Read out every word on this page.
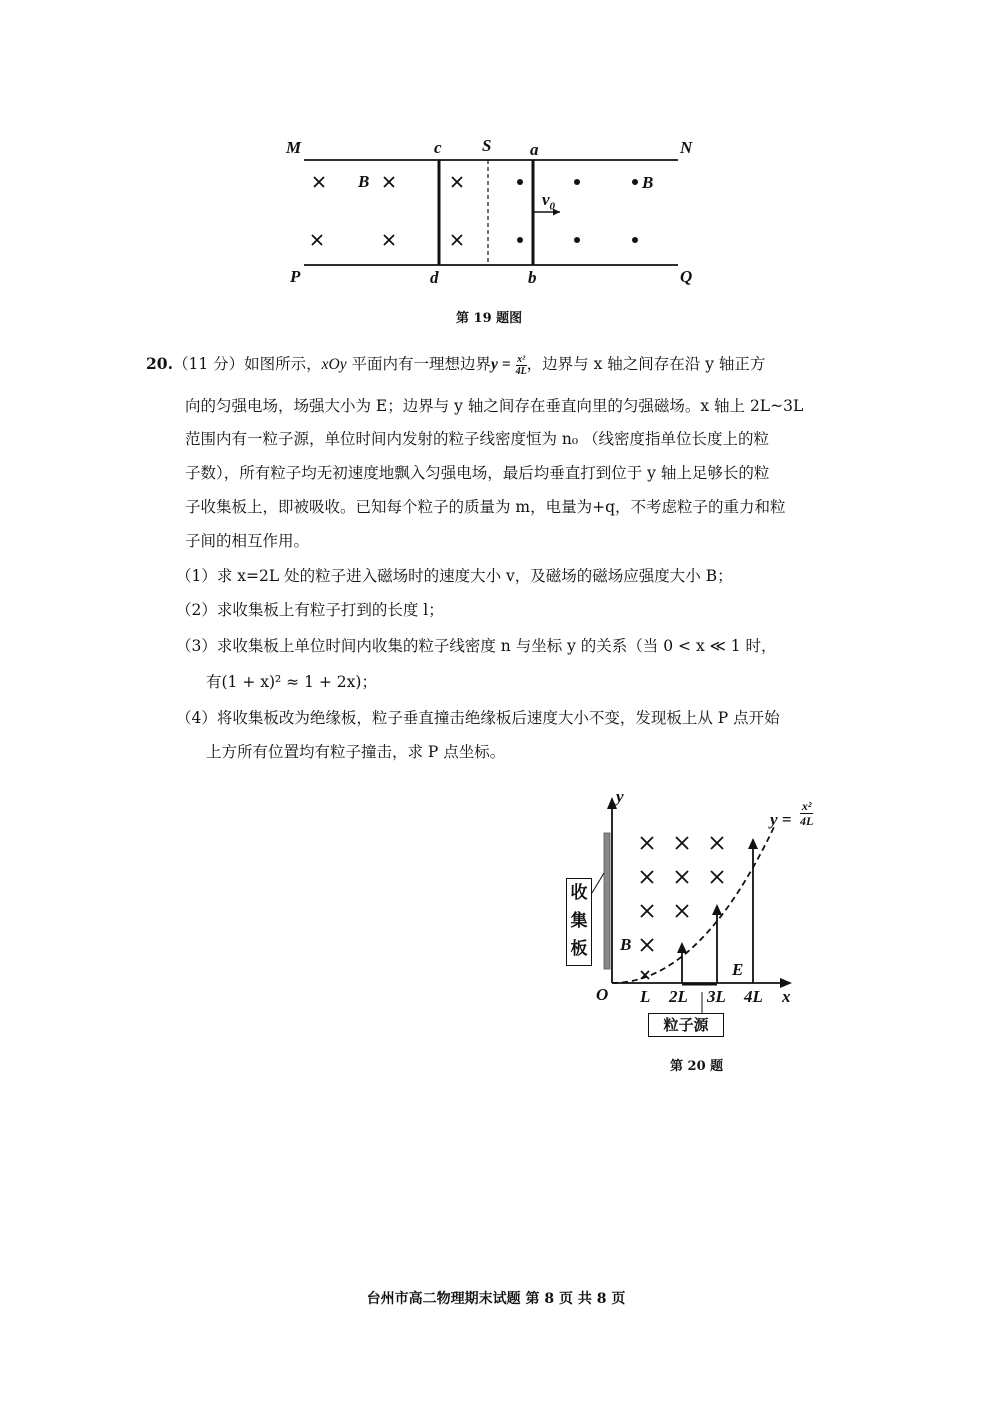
M	c S a	N
P	d	b	Q
B	B
$v_0$
第 19 题图
20.（11 分）如图所示，xOy 平面内有一理想边界$y = \frac{\text{x²}}{4L}$ ，边界与 x 轴之间存在沿 y 轴正方
向的匀强电场，场强大小为 E；边界与 y 轴之间存在垂直向里的匀强磁场。x 轴上 2L~3L
范围内有一粒子源，单位时间内发射的粒子线密度恒为 n₀ （线密度指单位长度上的粒
子数），所有粒子均无初速度地飘入匀强电场，最后均垂直打到位于 y 轴上足够长的粒
子收集板上，即被吸收。已知每个粒子的质量为 m，电量为+q，不考虑粒子的重力和粒
子间的相互作用。
（1）求 x=2L 处的粒子进入磁场时的速度大小 v，及磁场的磁场应强度大小 B；
（2）求收集板上有粒子打到的长度 l；
（3）求收集板上单位时间内收集的粒子线密度 n 与坐标 y 的关系（当 0 < x ≪ 1 时，
有(1 + x)² ≈ 1 + 2x)；
（4）将收集板改为绝缘板，粒子垂直撞击绝缘板后速度大小不变，发现板上从 P 点开始
上方所有位置均有粒子撞击，求 P 点坐标。
y
x
O L 2L 3L 4L
$y = \frac{\text{x²}}{4L}$
B
E
收
集
板
粒子源
第 20 题
台州市高二物理期末试题 第 8 页 共 8 页
